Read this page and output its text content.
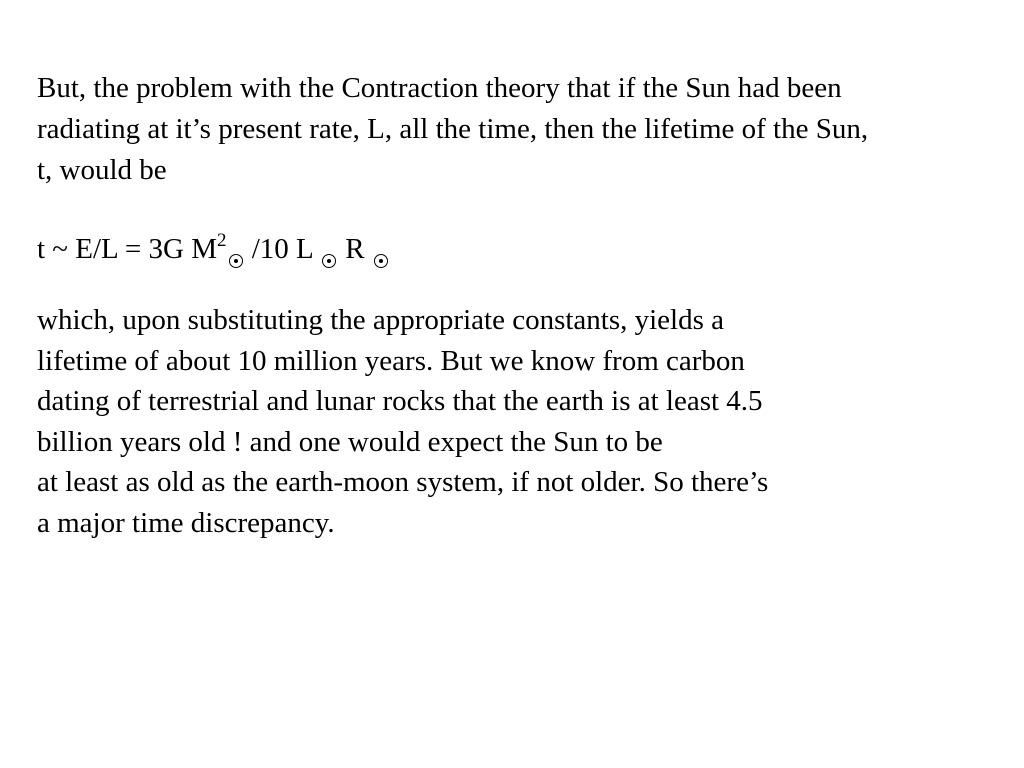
But, the problem with the Contraction theory that if the Sun had been
radiating at it’s present rate, L, all the time, then the lifetime of the Sun,
t, would be
t ~ E/L = 3G $M^2$ /10 L  R
which, upon substituting the appropriate constants, yields a
lifetime of about 10 million years. But we know from carbon
dating of terrestrial and lunar rocks that the earth is at least 4.5
billion years old ! and one would expect the Sun to be
at least as old as the earth-moon system, if not older. So there’s
a major time discrepancy.
